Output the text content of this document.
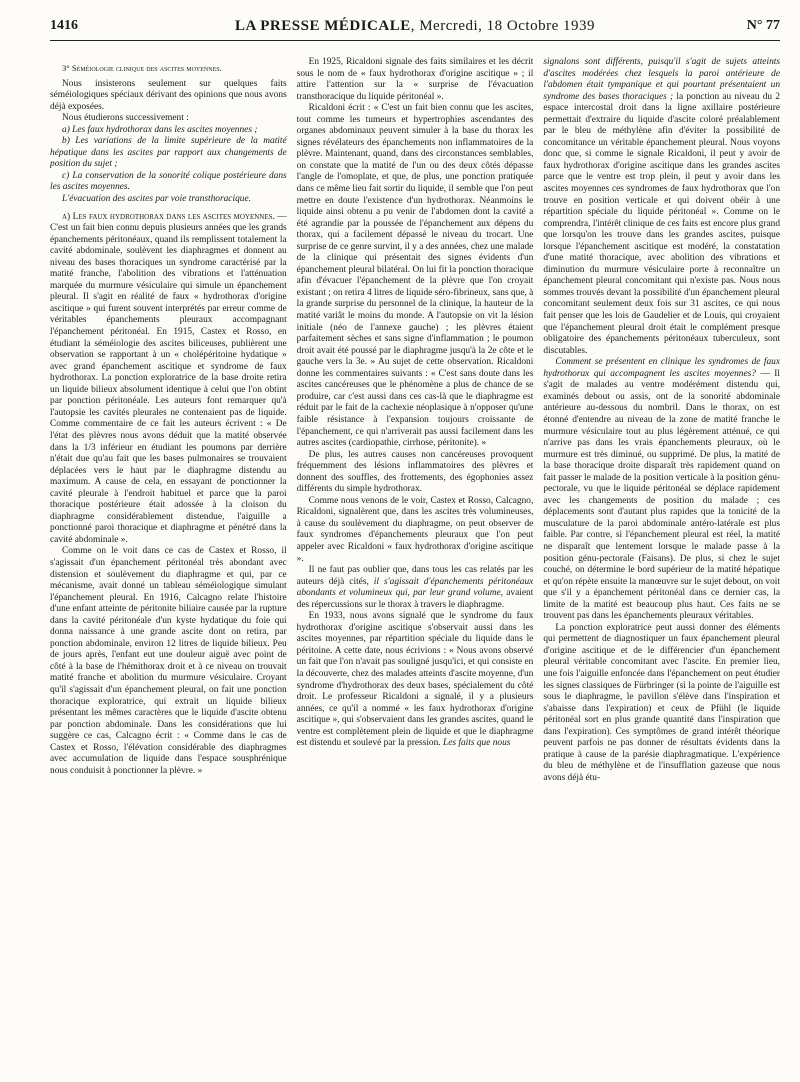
1416	LA PRESSE MÉDICALE, Mercredi, 18 Octobre 1939	N° 77
3° Séméiologie clinique des ascites moyennes.

Nous insisterons seulement sur quelques faits séméiologiques spéciaux dérivant des opinions que nous avons déjà exposées.

Nous étudierons successivement :

a) Les faux hydrothorax dans les ascites moyennes ;

b) Les variations de la limite supérieure de la matité hépatique dans les ascites par rapport aux changements de position du sujet ;

c) La conservation de la sonorité colique postérieure dans les ascites moyennes.

L'évacuation des ascites par voie transthoracique.

a) Les faux hydrothorax dans les ascites moyennes. — C'est un fait bien connu depuis plusieurs années que les grands épanchements péritonéaux, quand ils remplissent totalement la cavité abdominale, soulèvent les diaphragmes et donnent au niveau des bases thoraciques un syndrome caractérisé par la matité franche, l'abolition des vibrations et l'atténuation marquée du murmure vésiculaire qui simule un épanchement pleural. Il s'agit en réalité de faux « hydrothorax d'origine ascitique » qui furent souvent interprétés par erreur comme de véritables épanchements pleuraux accompagnant l'épanchement péritonéal. En 1915, Castex et Rosso, en étudiant la séméiologie des ascites biliceuses, publièrent une observation se rapportant à un « cholépéritoine hydatique » avec grand épanchement ascitique et syndrome de faux hydrothorax. La ponction exploratrice de la base droite retira un liquide bilieux absolument identique à celui que l'on obtint par ponction péritonéale. Les auteurs font remarquer qu'à l'autopsie les cavités pleurales ne contenaient pas de liquide. Comme commentaire de ce fait les auteurs écrivent : « De l'état des plèvres nous avons déduit que la matité observée dans la 1/3 inférieur en étudiant les poumons par derrière n'était due qu'au fait que les bases pulmonaires se trouvaient déplacées vers le haut par le diaphragme distendu au maximum. A cause de cela, en essayant de ponctionner la cavité pleurale à l'endroit habituel et parce que la paroi thoracique postérieure était adossée à la cloison du diaphragme considérablement distendue, l'aiguille a ponctionné paroi thoracique et diaphragme et pénétré dans la cavité abdominale ».

Comme on le voit dans ce cas de Castex et Rosso, il s'agissait d'un épanchement péritonéal très abondant avec distension et soulèvement du diaphragme et qui, par ce mécanisme, avait donné un tableau séméiologique simulant l'épanchement pleural. En 1916, Calcagno relate l'histoire d'une enfant atteinte de péritonite biliaire causée par la rupture dans la cavité péritonéale d'un kyste hydatique du foie qui donna naissance à une grande ascite dont on retira, par ponction abdominale, environ 12 litres de liquide bilieux. Peu de jours après, l'enfant eut une douleur aiguë avec point de côté à la base de l'hémithorax droit et à ce niveau on trouvait matité franche et abolition du murmure vésiculaire. Croyant qu'il s'agissait d'un épanchement pleural, on fait une ponction thoracique exploratrice, qui extrait un liquide bilieux présentant les mêmes caractères que le liquide d'ascite obtenu par ponction abdominale. Dans les considérations que lui suggère ce cas, Calcagno écrit : « Comme dans le cas de Castex et Rosso, l'élévation considérable des diaphragmes avec accumulation de liquide dans l'espace sousphrénique nous conduisit à ponctionner la plèvre. »

En 1925, Ricaldoni signale des faits similaires et les décrit sous le nom de « faux hydrothorax d'origine ascitique » ; il attire l'attention sur la « surprise de l'évacuation transthoracique du liquide péritonéal ».

Ricaldoni écrit : « C'est un fait bien connu que les ascites, tout comme les tumeurs et hypertrophies ascendantes des organes abdominaux peuvent simuler à la base du thorax les signes révélateurs des épanchements non inflammatoires de la plèvre. Maintenant, quand, dans des circonstances semblables, on constate que la matité de l'un ou des deux côtés dépasse l'angle de l'omoplate, et que, de plus, une ponction pratiquée dans ce même lieu fait sortir du liquide, il semble que l'on peut mettre en doute l'existence d'un hydrothorax. Néanmoins le liquide ainsi obtenu a pu venir de l'abdomen dont la cavité a été agrandie par la poussée de l'épanchement aux dépens du thorax, qui a facilement dépassé le niveau du trocart. Une surprise de ce genre survint, il y a des années, chez une malade de la clinique qui présentait des signes évidents d'un épanchement pleural bilatéral. On lui fit la ponction thoracique afin d'évacuer l'épanchement de la plèvre que l'on croyait existant ; on retira 4 litres de liquide séro-fibrineux, sans que, à la grande surprise du personnel de la clinique, la hauteur de la matité variât le moins du monde. A l'autopsie on vit la lésion initiale (néo de l'annexe gauche) ; les plèvres étaient parfaitement sèches et sans signe d'inflammation ; le poumon droit avait été poussé par le diaphragme jusqu'à la 2e côte et le gauche vers la 3e. » Au sujet de cette observation. Ricaldoni donne les commentaires suivants : « C'est sans doute dans les ascites cancéreuses que le phénomène a plus de chance de se produire, car c'est aussi dans ces cas-là que le diaphragme est réduit par le fait de la cachexie néoplasique à n'opposer qu'une faible résistance à l'expansion toujours croissante de l'épanchement, ce qui n'arriverait pas aussi facilement dans les autres ascites (cardiopathie, cirrhose, péritonite). »

De plus, les autres causes non cancéreuses provoquent fréquemment des lésions inflammatoires des plèvres et donnent des souffles, des frottements, des égophonies assez différents du simple hydrothorax.

Comme nous venons de le voir, Castex et Rosso, Calcagno, Ricaldoni, signalèrent que, dans les ascites très volumineuses, à cause du soulèvement du diaphragme, on peut observer de faux syndromes d'épanchements pleuraux que l'on peut appeler avec Ricaldoni « faux hydrothorax d'origine ascitique ».

Il ne faut pas oublier que, dans tous les cas relatés par les auteurs déjà cités, il s'agissait d'épanchements péritonéaux abondants et volumineux qui, par leur grand volume, avaient des répercussions sur le thorax à travers le diaphragme.

En 1933, nous avons signalé que le syndrome du faux hydrothorax d'origine ascitique s'observait aussi dans les ascites moyennes, par répartition spéciale du liquide dans le péritoine. A cette date, nous écrivions : « Nous avons observé un fait que l'on n'avait pas souligné jusqu'ici, et qui consiste en la découverte, chez des malades atteints d'ascite moyenne, d'un syndrome d'hydrothorax des deux bases, spécialement du côté droit. Le professeur Ricaldoni a signalé, il y a plusieurs années, ce qu'il a nommé « les faux hydrothorax d'origine ascitique », qui s'observaient dans les grandes ascites, quand le ventre est complètement plein de liquide et que le diaphragme est distendu et soulevé par la pression. Les faits que nous

signalons sont différents, puisqu'il s'agit de sujets atteints d'ascites modérées chez lesquels la paroi antérieure de l'abdomen était tympanique et qui pourtant présentaient un syndrome des bases thoraciques ; la ponction au niveau du 2 espace intercostal droit dans la ligne axillaire postérieure permettait d'extraire du liquide d'ascite coloré préalablement par le bleu de méthylène afin d'éviter la possibilité de concomitance un véritable épanchement pleural. Nous voyons donc que, si comme le signale Ricaldoni, il peut y avoir de faux hydrothorax d'origine ascitique dans les grandes ascites parce que le ventre est trop plein, il peut y avoir dans les ascites moyennes ces syndromes de faux hydrothorax que l'on trouve en position verticale et qui doivent obéir à une répartition spéciale du liquide péritonéal ». Comme on le comprendra, l'intérêt clinique de ces faits est encore plus grand que lorsqu'on les trouve dans les grandes ascites, puisque lorsque l'épanchement ascitique est modéré, la constatation d'une matité thoracique, avec abolition des vibrations et diminution du murmure vésiculaire porte à reconnaître un épanchement pleural concomitant qui n'existe pas. Nous nous sommes trouvés devant la possibilité d'un épanchement pleural concomitant seulement deux fois sur 31 ascites, ce qui nous fait penser que les lois de Gaudelier et de Louis, qui croyaient que l'épanchement pleural droit était le complément presque obligatoire des épanchements péritonéaux tuberculeux, sont discutables.

Comment se présentent en clinique les syndromes de faux hydrothorax qui accompagnent les ascites moyennes? — Il s'agit de malades au ventre modérément distendu qui, examinés debout ou assis, ont de la sonorité abdominale antérieure au-dessous du nombril. Dans le thorax, on est étonné d'entendre au niveau de la zone de matité franche le murmure vésiculaire tout au plus légèrement atténué, ce qui n'arrive pas dans les vrais épanchements pleuraux, où le murmure est très diminué, ou supprimé. De plus, la matité de la base thoracique droite disparaît très rapidement quand on fait passer le malade de la position verticale à la position génu-pectorale, vu que le liquide péritonéal se déplace rapidement avec les changements de position du malade ; ces déplacements sont d'autant plus rapides que la tonicité de la musculature de la paroi abdominale antéro-latérale est plus faible. Par contre, si l'épanchement pleural est réel, la matité ne disparaît que lentement lorsque le malade passe à la position génu-pectorale (Faisans). De plus, si chez le sujet couché, on détermine le bord supérieur de la matité hépatique et qu'on répète ensuite la manœuvre sur le sujet debout, on voit que s'il y a épanchement péritonéal dans ce dernier cas, la limite de la matité est beaucoup plus haut. Ces faits ne se trouvent pas dans les épanchements pleuraux véritables.

La ponction exploratrice peut aussi donner des éléments qui permettent de diagnostiquer un faux épanchement pleural d'origine ascitique et de le différencier d'un épanchement pleural véritable concomitant avec l'ascite. En premier lieu, une fois l'aiguille enfoncée dans l'épanchement on peut étudier les signes classiques de Fürbringer (si la pointe de l'aiguille est sous le diaphragme, le pavillon s'élève dans l'inspiration et s'abaisse dans l'expiration) et ceux de Pfühl (le liquide péritonéal sort en plus grande quantité dans l'inspiration que dans l'expiration). Ces symptômes de grand intérêt théorique peuvent parfois ne pas donner de résultats évidents dans la pratique à cause de la parésie diaphragmatique. L'expérience du bleu de méthylène et de l'insufflation gazeuse que nous avons déjà étu-
